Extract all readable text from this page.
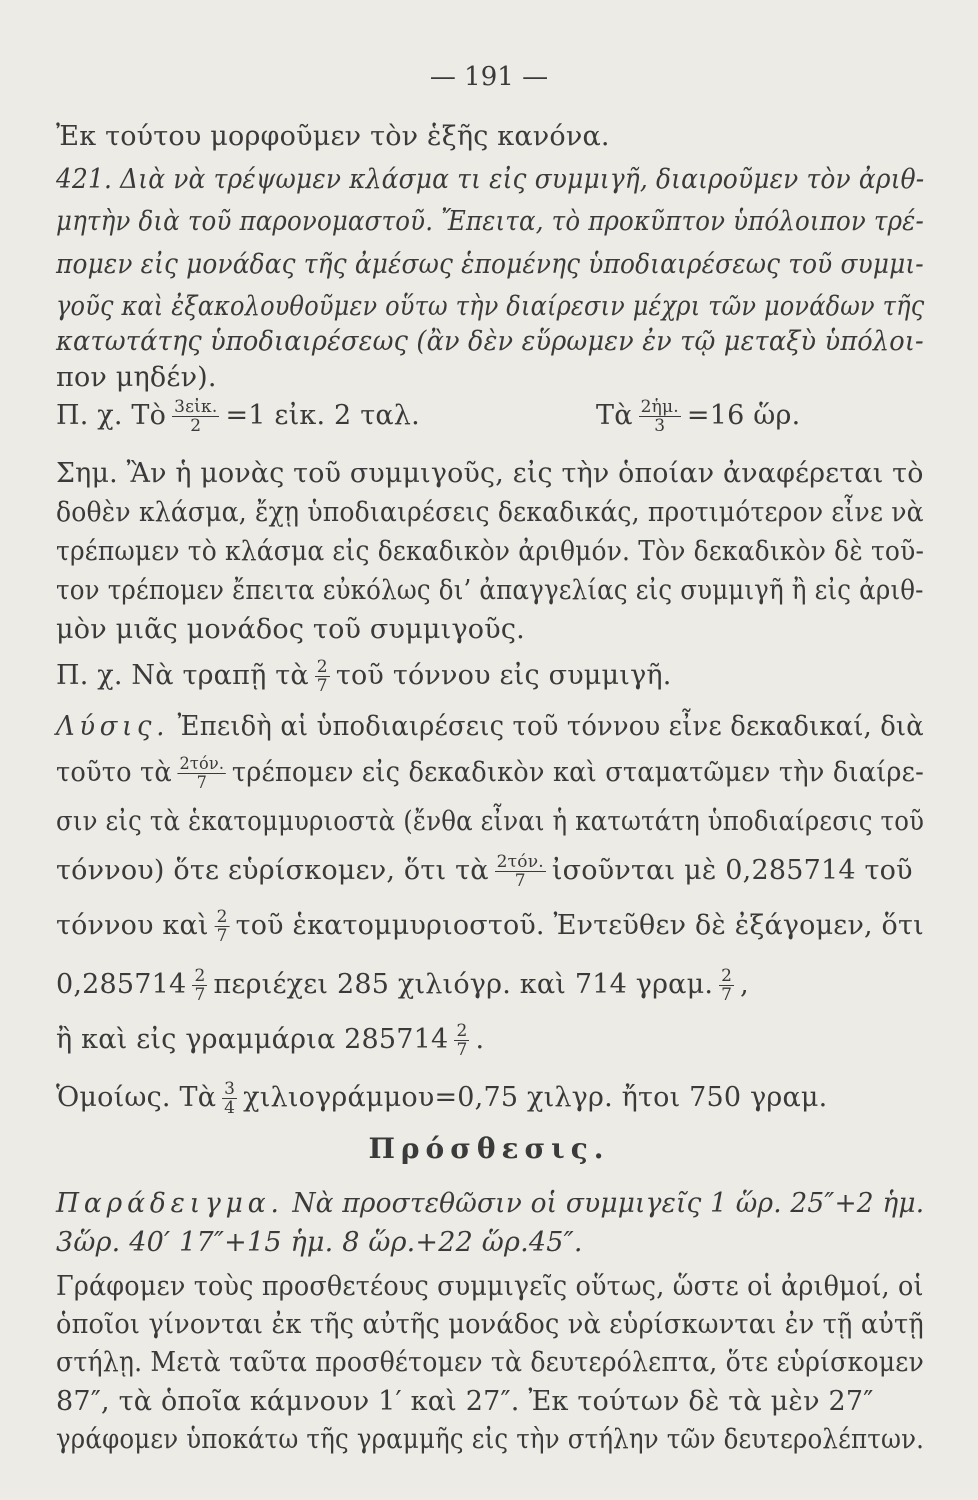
— 191 —
Ἐκ τούτου μορφοῦμεν τὸν ἑξῆς κανόνα.
421. Διὰ νὰ τρέψωμεν κλάσμα τι εἰς συμμιγῆ, διαιροῦμεν τὸν ἀριθ-
μητὴν διὰ τοῦ παρονομαστοῦ. Ἔπειτα, τὸ προκῦπτον ὑπόλοιπον τρέ-
πομεν εἰς μονάδας τῆς ἀμέσως ἑπομένης ὑποδιαιρέσεως τοῦ συμμι-
γοῦς καὶ ἐξακολουθοῦμεν οὕτω τὴν διαίρεσιν μέχρι τῶν μονάδων τῆς
κατωτάτης ὑποδιαιρέσεως (ἂν δὲν εὕρωμεν ἐν τῷ μεταξὺ ὑπόλοι-
πον μηδέν).
Π. χ. Τὸ $\frac{\text{3εἰκ.}}{2} =1$ εἰκ. 2 ταλ.	Τὰ $\frac{\text{2ἡμ.}}{3} =16$ ὥρ.
Σημ. Ἂν ἡ μονὰς τοῦ συμμιγοῦς, εἰς τὴν ὁποίαν ἀναφέρεται τὸ
δοθὲν κλάσμα, ἔχῃ ὑποδιαιρέσεις δεκαδικάς, προτιμότερον εἶνε νὰ
τρέπωμεν τὸ κλάσμα εἰς δεκαδικὸν ἀριθμόν. Τὸν δεκαδικὸν δὲ τοῦ-
τον τρέπομεν ἔπειτα εὐκόλως δι’ ἀπαγγελίας εἰς συμμιγῆ ἢ εἰς ἀριθ-
μὸν μιᾶς μονάδος τοῦ συμμιγοῦς.
Π. χ. Νὰ τραπῇ τὰ $\frac{2}{7}$ τοῦ τόννου εἰς συμμιγῆ.
Λύσις. Ἐπειδὴ αἱ ὑποδιαιρέσεις τοῦ τόννου εἶνε δεκαδικαί, διὰ
τοῦτο τὰ $\frac{\text{2τόν.}}{7}$ τρέπομεν εἰς δεκαδικὸν καὶ σταματῶμεν τὴν διαίρε-
σιν εἰς τὰ ἑκατομμυριοστὰ (ἔνθα εἶναι ἡ κατωτάτη ὑποδιαίρεσις τοῦ
τόννου) ὅτε εὑρίσκομεν, ὅτι τὰ $\frac{\text{2τόν.}}{7}$ ἰσοῦνται μὲ 0,285714 τοῦ
τόννου καὶ $\frac{2}{7}$ τοῦ ἑκατομμυριοστοῦ. Ἐντεῦθεν δὲ ἐξάγομεν, ὅτι
$0,285714 \frac{2}{7}$ περιέχει 285 χιλιόγρ. καὶ 714 γραμ. $\frac{2}{7}$ ,
ἢ καὶ εἰς γραμμάρια $285714 \frac{2}{7}$ .
Ὁμοίως. Τὰ $\frac{3}{4} \chi\iota\lambda\iota o\gamma\rho ά\mu\mu o\upsilon=0,75$ χιλγρ. ἤτοι 750 γραμ.
Πρόσθεσις.
Παράδειγμα. Νὰ προστεθῶσιν οἱ συμμιγεῖς 1 ὥρ. 25″+2 ἡμ.
3ὥρ. 40′ 17″+15 ἡμ. 8 ὥρ.+22 ὥρ.45″.
Γράφομεν τοὺς προσθετέους συμμιγεῖς οὕτως, ὥστε οἱ ἀριθμοί, οἱ
ὁποῖοι γίνονται ἐκ τῆς αὐτῆς μονάδος νὰ εὑρίσκωνται ἐν τῇ αὐτῇ
στήλῃ. Μετὰ ταῦτα προσθέτομεν τὰ δευτερόλεπτα, ὅτε εὑρίσκομεν
87″, τὰ ὁποῖα κάμνουν 1′ καὶ 27″. Ἐκ τούτων δὲ τὰ μὲν 27″
γράφομεν ὑποκάτω τῆς γραμμῆς εἰς τὴν στήλην τῶν δευτερολέπτων.
